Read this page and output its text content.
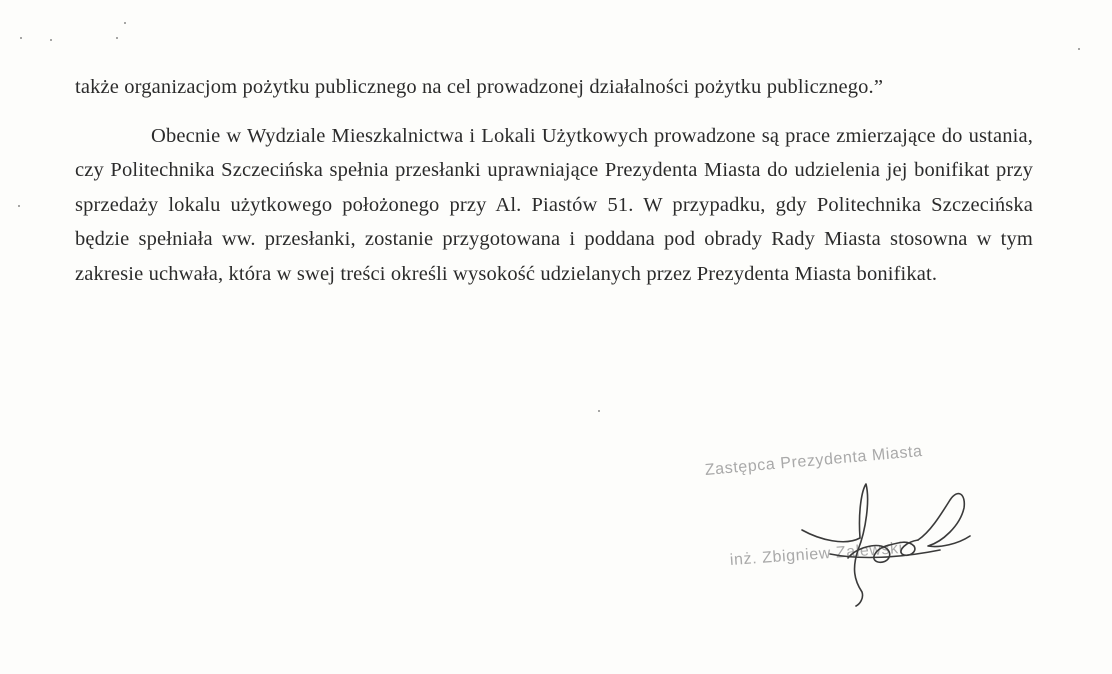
także organizacjom pożytku publicznego na cel prowadzonej działalności pożytku publicznego.”

Obecnie w Wydziale Mieszkalnictwa i Lokali Użytkowych prowadzone są prace zmierzające do ustania, czy Politechnika Szczecińska spełnia przesłanki uprawniające Prezydenta Miasta do udzielenia jej bonifikat przy sprzedaży lokalu użytkowego położonego przy Al. Piastów 51. W przypadku, gdy Politechnika Szczecińska będzie spełniała ww. przesłanki, zostanie przygotowana i poddana pod obrady Rady Miasta stosowna w tym zakresie uchwała, która w swej treści określi wysokość udzielanych przez Prezydenta Miasta bonifikat.

Zastępca Prezydenta Miasta
inż. Zbigniew Zalewski
